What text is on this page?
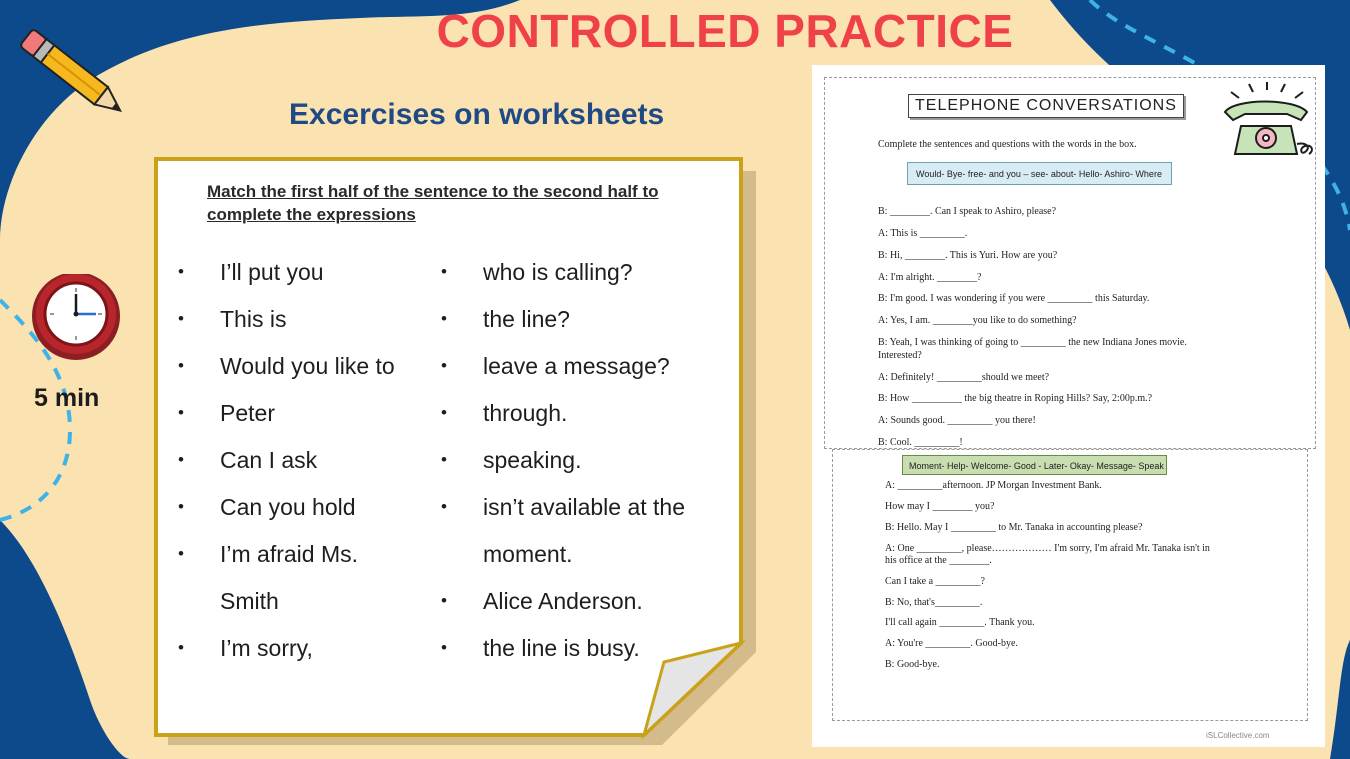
CONTROLLED PRACTICE
Excercises on worksheets
5 min
Match the first half of the sentence to the second half to
complete the expressions
• I’ll put you
• This is
• Would you like to
• Peter
• Can I ask
• Can you hold
• I’m afraid Ms.
Smith
• I’m sorry,
• who is calling?
• the line?
• leave a message?
• through.
• speaking.
• isn’t available at the
moment.
• Alice Anderson.
• the line is busy.
TELEPHONE CONVERSATIONS
Complete the sentences and questions with the words in the box.
Would- Bye- free- and you – see- about- Hello- Ashiro- Where
B: ________. Can I speak to Ashiro, please?
A: This is _________.
B: Hi, ________. This is Yuri. How are you?
A: I'm alright. ________?
B: I'm good. I was wondering if you were _________ this Saturday.
A: Yes, I am. ________you like to do something?
B: Yeah, I was thinking of going to _________ the new Indiana Jones movie.
Interested?
A: Definitely! _________should we meet?
B: How __________ the big theatre in Roping Hills? Say, 2:00p.m.?
A: Sounds good. _________ you there!
B: Cool. _________!
Moment- Help- Welcome- Good - Later- Okay- Message- Speak
A: _________afternoon. JP Morgan Investment Bank.
How may I ________ you?
B: Hello. May I _________ to Mr. Tanaka in accounting please?
A: One _________, please……………… I'm sorry, I'm afraid Mr. Tanaka isn't in
his office at the ________.
Can I take a _________?
B: No, that's_________.
I'll call again _________. Thank you.
A: You're _________. Good-bye.
B: Good-bye.
iSLCollective.com
